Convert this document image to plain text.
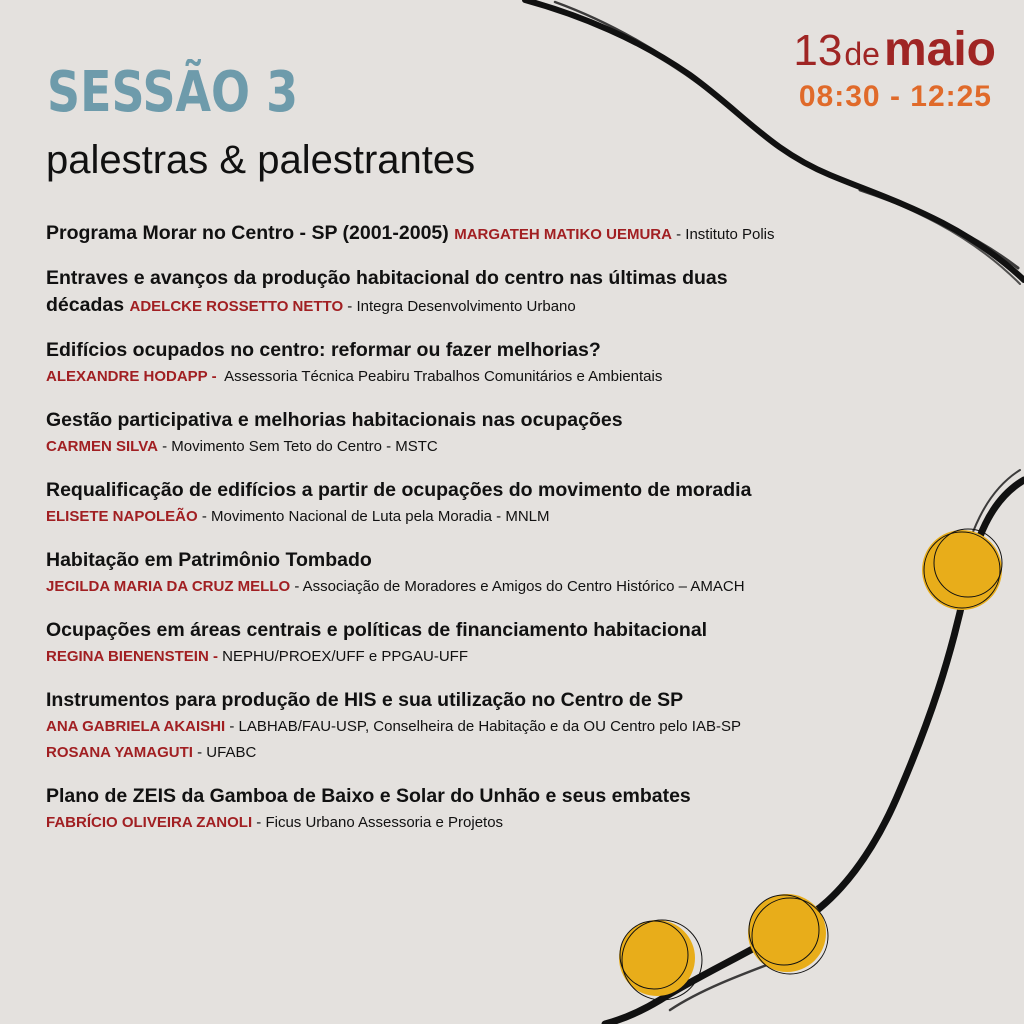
SESSÃO 3
palestras & palestrantes
13demaio
08:30 - 12:25
Programa Morar no Centro - SP (2001-2005) MARGATEH MATIKO UEMURA - Instituto Polis
Entraves e avanços da produção habitacional do centro nas últimas duas
décadas ADELCKE ROSSETTO NETTO - Integra Desenvolvimento Urbano
Edifícios ocupados no centro: reformar ou fazer melhorias?
ALEXANDRE HODAPP -  Assessoria Técnica Peabiru Trabalhos Comunitários e Ambientais
Gestão participativa e melhorias habitacionais nas ocupações
CARMEN SILVA - Movimento Sem Teto do Centro - MSTC
Requalificação de edifícios a partir de ocupações do movimento de moradia
ELISETE NAPOLEÃO - Movimento Nacional de Luta pela Moradia - MNLM
Habitação em Patrimônio Tombado
JECILDA MARIA DA CRUZ MELLO - Associação de Moradores e Amigos do Centro Histórico – AMACH
Ocupações em áreas centrais e políticas de financiamento habitacional
REGINA BIENENSTEIN - NEPHU/PROEX/UFF e PPGAU-UFF
Instrumentos para produção de HIS e sua utilização no Centro de SP
ANA GABRIELA AKAISHI - LABHAB/FAU-USP, Conselheira de Habitação e da OU Centro pelo IAB-SP
ROSANA YAMAGUTI - UFABC
Plano de ZEIS da Gamboa de Baixo e Solar do Unhão e seus embates
FABRÍCIO OLIVEIRA ZANOLI - Ficus Urbano Assessoria e Projetos
